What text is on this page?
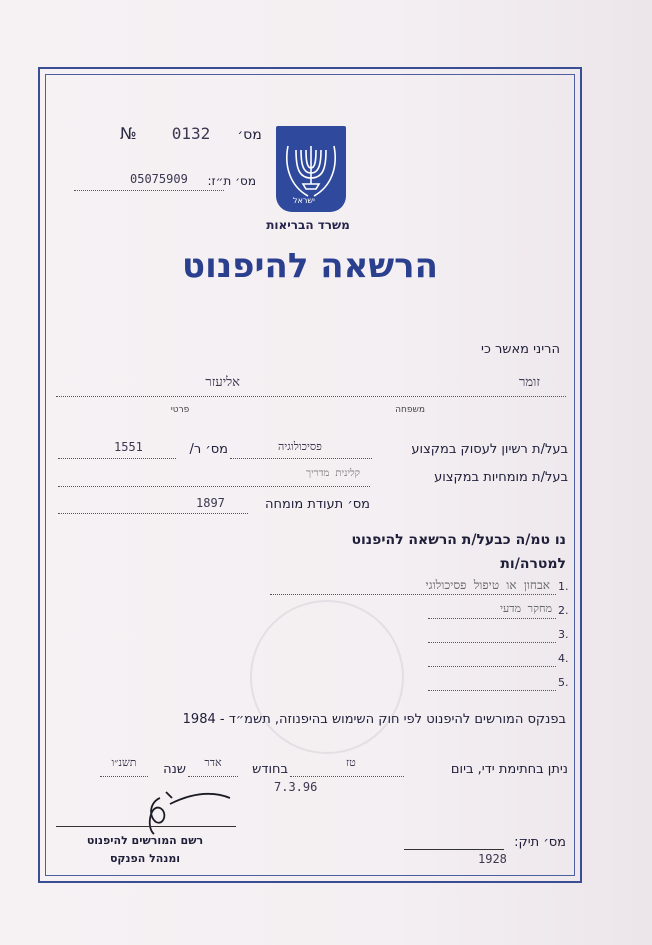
№ 0132 מס׳
05075909	מס׳ ת״ז:
ישראל
משרד הבריאות
הרשאה להיפנוט
הריני מאשר כי
זומר
אליעזר
משפחה
פרטי
בעל/ת רשיון לעסוק במקצוע
פסיכולוגיה
מס׳ ר/
1551
בעל/ת מומחיות במקצוע
קלינית מדריך
מס׳ תעודת מומחה
1897
נו טמ/ה כבעל/ת הרשאה להיפנוט
למטרה/ות
אבחון או טיפול פסיכולוגי 1.
מחקר מדעי 2.
3.
4.
5.
בפנקס המורשים להיפנוט לפי חוק השימוש בהיפנוזה, תשמ״ד - 1984
ניתן בחתימת ידי, ביום
טז
בחודש
אדר
שנה
תשנ״ו
7.3.96
רשם המורשים להיפנוט
ומנהל הפנקס
מס׳ תיק:
1928
